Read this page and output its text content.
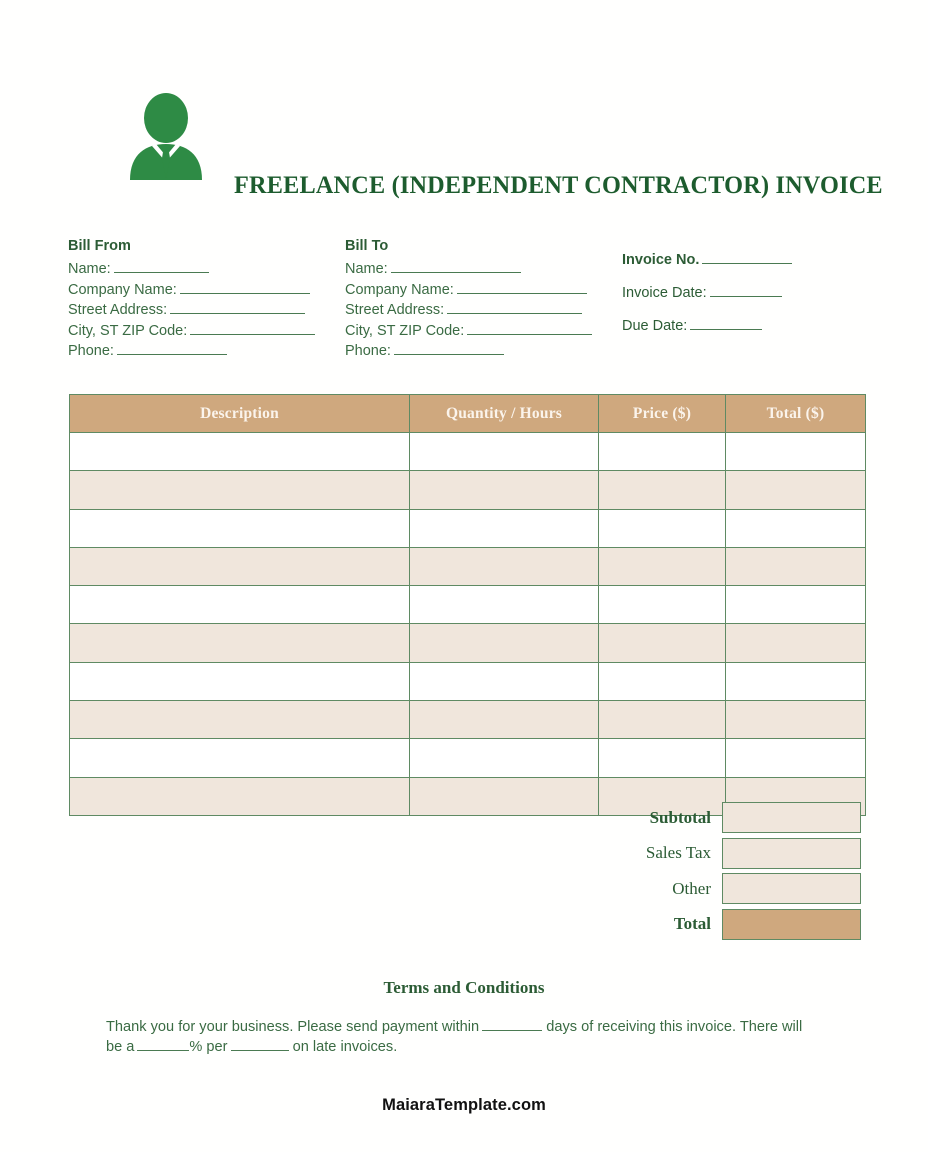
FREELANCE (INDEPENDENT CONTRACTOR) INVOICE
Bill From
Name:
Company Name:
Street Address:
City, ST ZIP Code:
Phone:
Bill To
Name:
Company Name:
Street Address:
City, ST ZIP Code:
Phone:
Invoice No.
Invoice Date:
Due Date:
Description	Quantity / Hours	Price ($)	Total ($)

Subtotal
Sales Tax
Other
Total
Terms and Conditions
Thank you for your business. Please send payment within	days of receiving this invoice. There will be a	% per	on late invoices.
MaiaraTemplate.com
